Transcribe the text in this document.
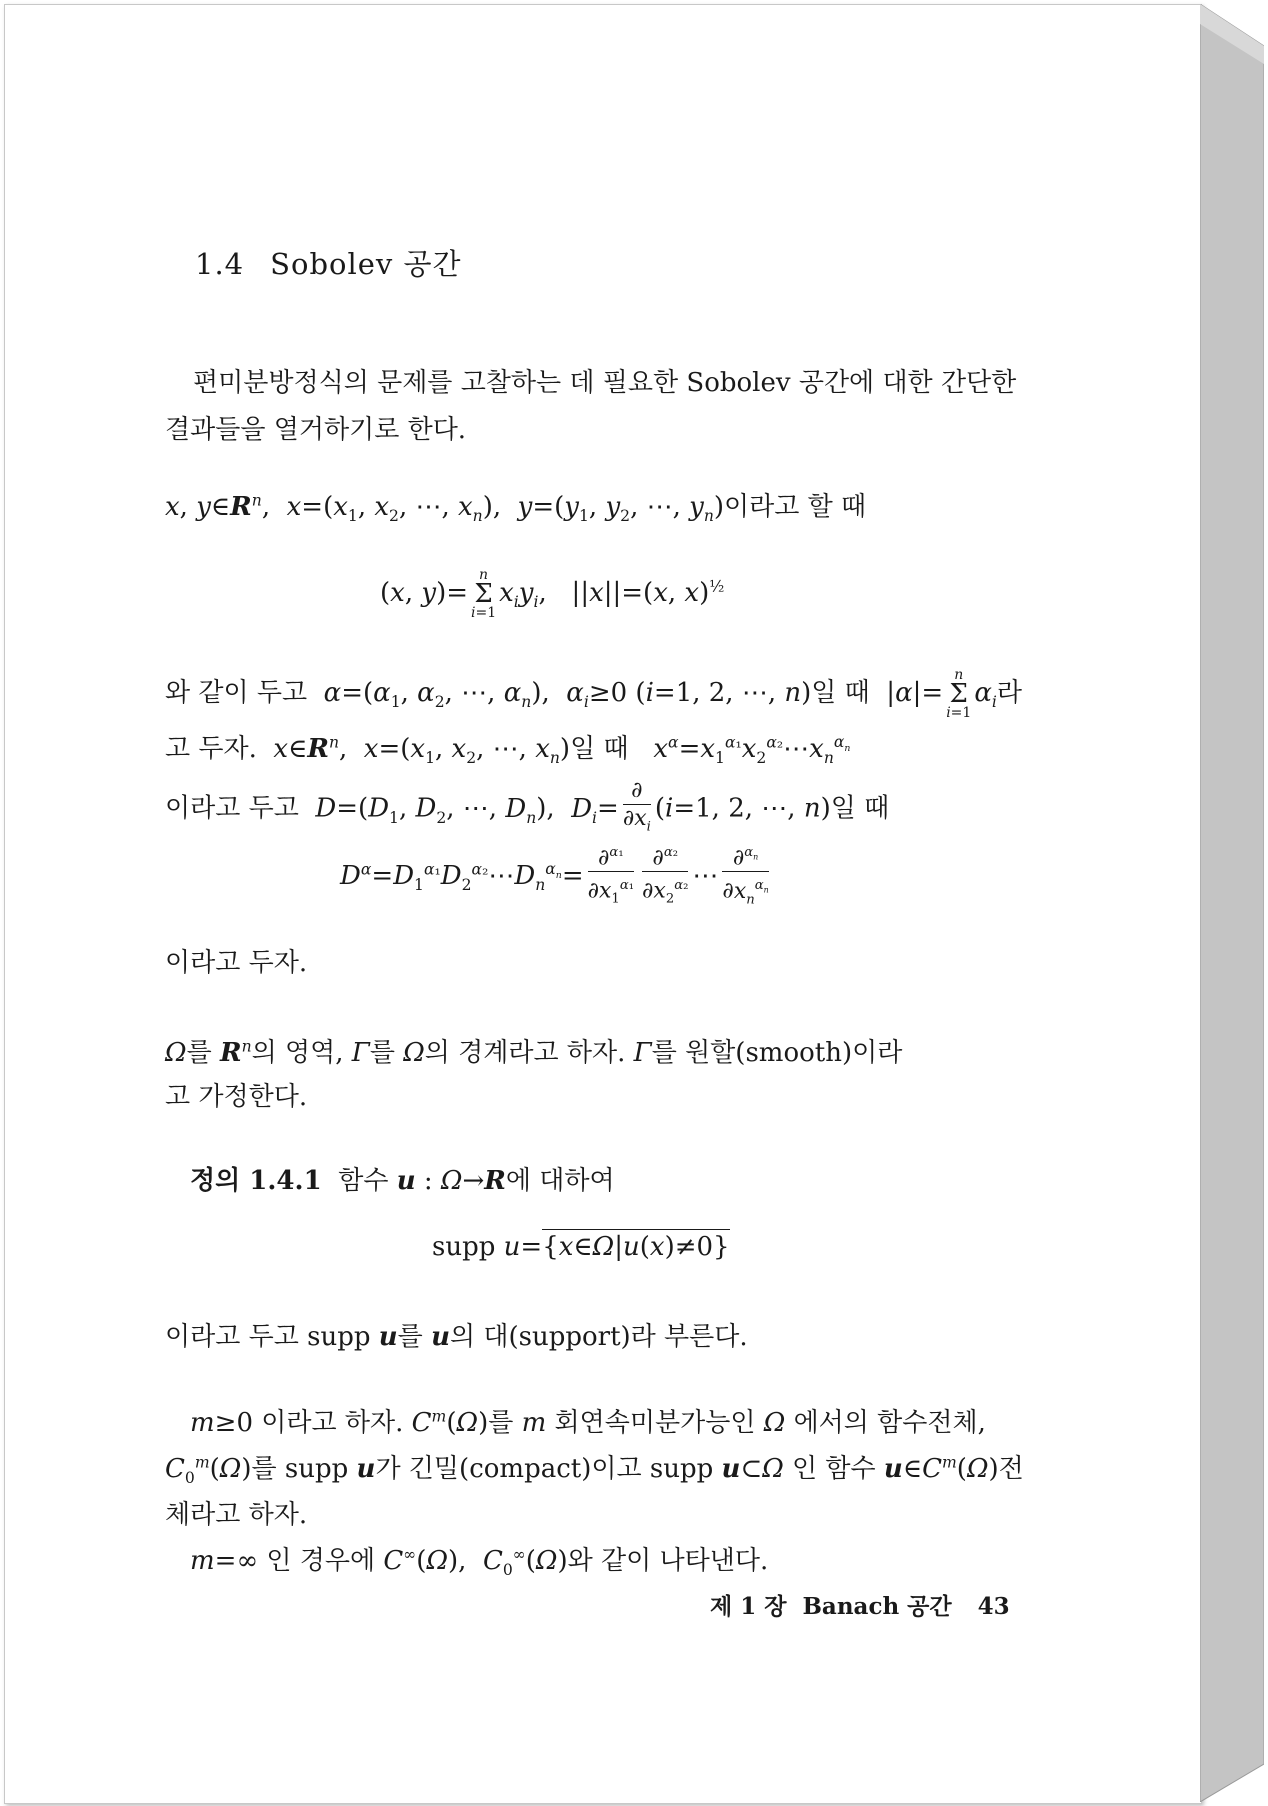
1.4 Sobolev 공간
편미분방정식의 문제를 고찰하는 데 필요한 Sobolev 공간에 대한 간단한 결과들을 열거하기로 한다.
x, $y\in R^n$,  $x=(x_1$, $x_2$, ⋯, $x_n$),  $y=(y_1$, $y_2$, ⋯, $y_n$)이라고 할 때
(x, y)=n
Σ
$i=1x_iy_i$,   ||x||=(x, x)$^{\frac{1}{2}}$
와 같이 두고 $\alpha=(\alpha_1$, $\alpha_2$, ⋯, $\alpha_n$),  $\alpha_i\ge 0$ (i=1, 2, ⋯, n)일 때  |α|=n
Σ
$i=1\alpha_i$라
고 두자. $x\in R^n$,  $x=(x_1$, $x_2$, ⋯, $x_n$)일 때 $x^\alpha=x_1^{\alpha_1}x_2^{\alpha_2}\cdots x_n^{\alpha_n}$
이라고 두고 $D=(D_1$, $D_2$, ⋯, $D_n$),  $D_i= \frac{\partial}{\partial x_i} (i=1$, 2, ⋯, n)일 때
$D^\alpha=D_1^{\alpha_1}D_2^{\alpha_2}\cdots D_n^{\alpha_n}= \frac{\partial^{\alpha_1}}{\partial x_1^{\alpha_1}} \frac{\partial^{\alpha_2}}{\partial x_2^{\alpha_2}}$ ⋯ $\frac{\partial^{\alpha_n}}{\partial x_n^{\alpha_n}}$
이라고 두자.
Ω를 $R^n$의 영역, Γ를 Ω의 경계라고 하자. Γ를 원할(smooth)이라
고 가정한다.
정의 1.4.1 함수 u : Ω→R에 대하여
supp u={x∈Ω|u(x)≠0}
이라고 두고 supp u를 u의 대(support)라 부른다.
m≥0 이라고 하자. $C^m(\Omega)$를 m 회연속미분가능인 Ω 에서의 함수전체,
$C_0^m(\Omega)$를 supp u가 긴밀(compact)이고 supp u⊂Ω 인 함수 $u\in C^m(\Omega)$전
체라고 하자.
m=∞ 인 경우에 C∞(Ω),  $C_0^\infty(\Omega)$와 같이 나타낸다.
제 1 장 Banach 공간 43
